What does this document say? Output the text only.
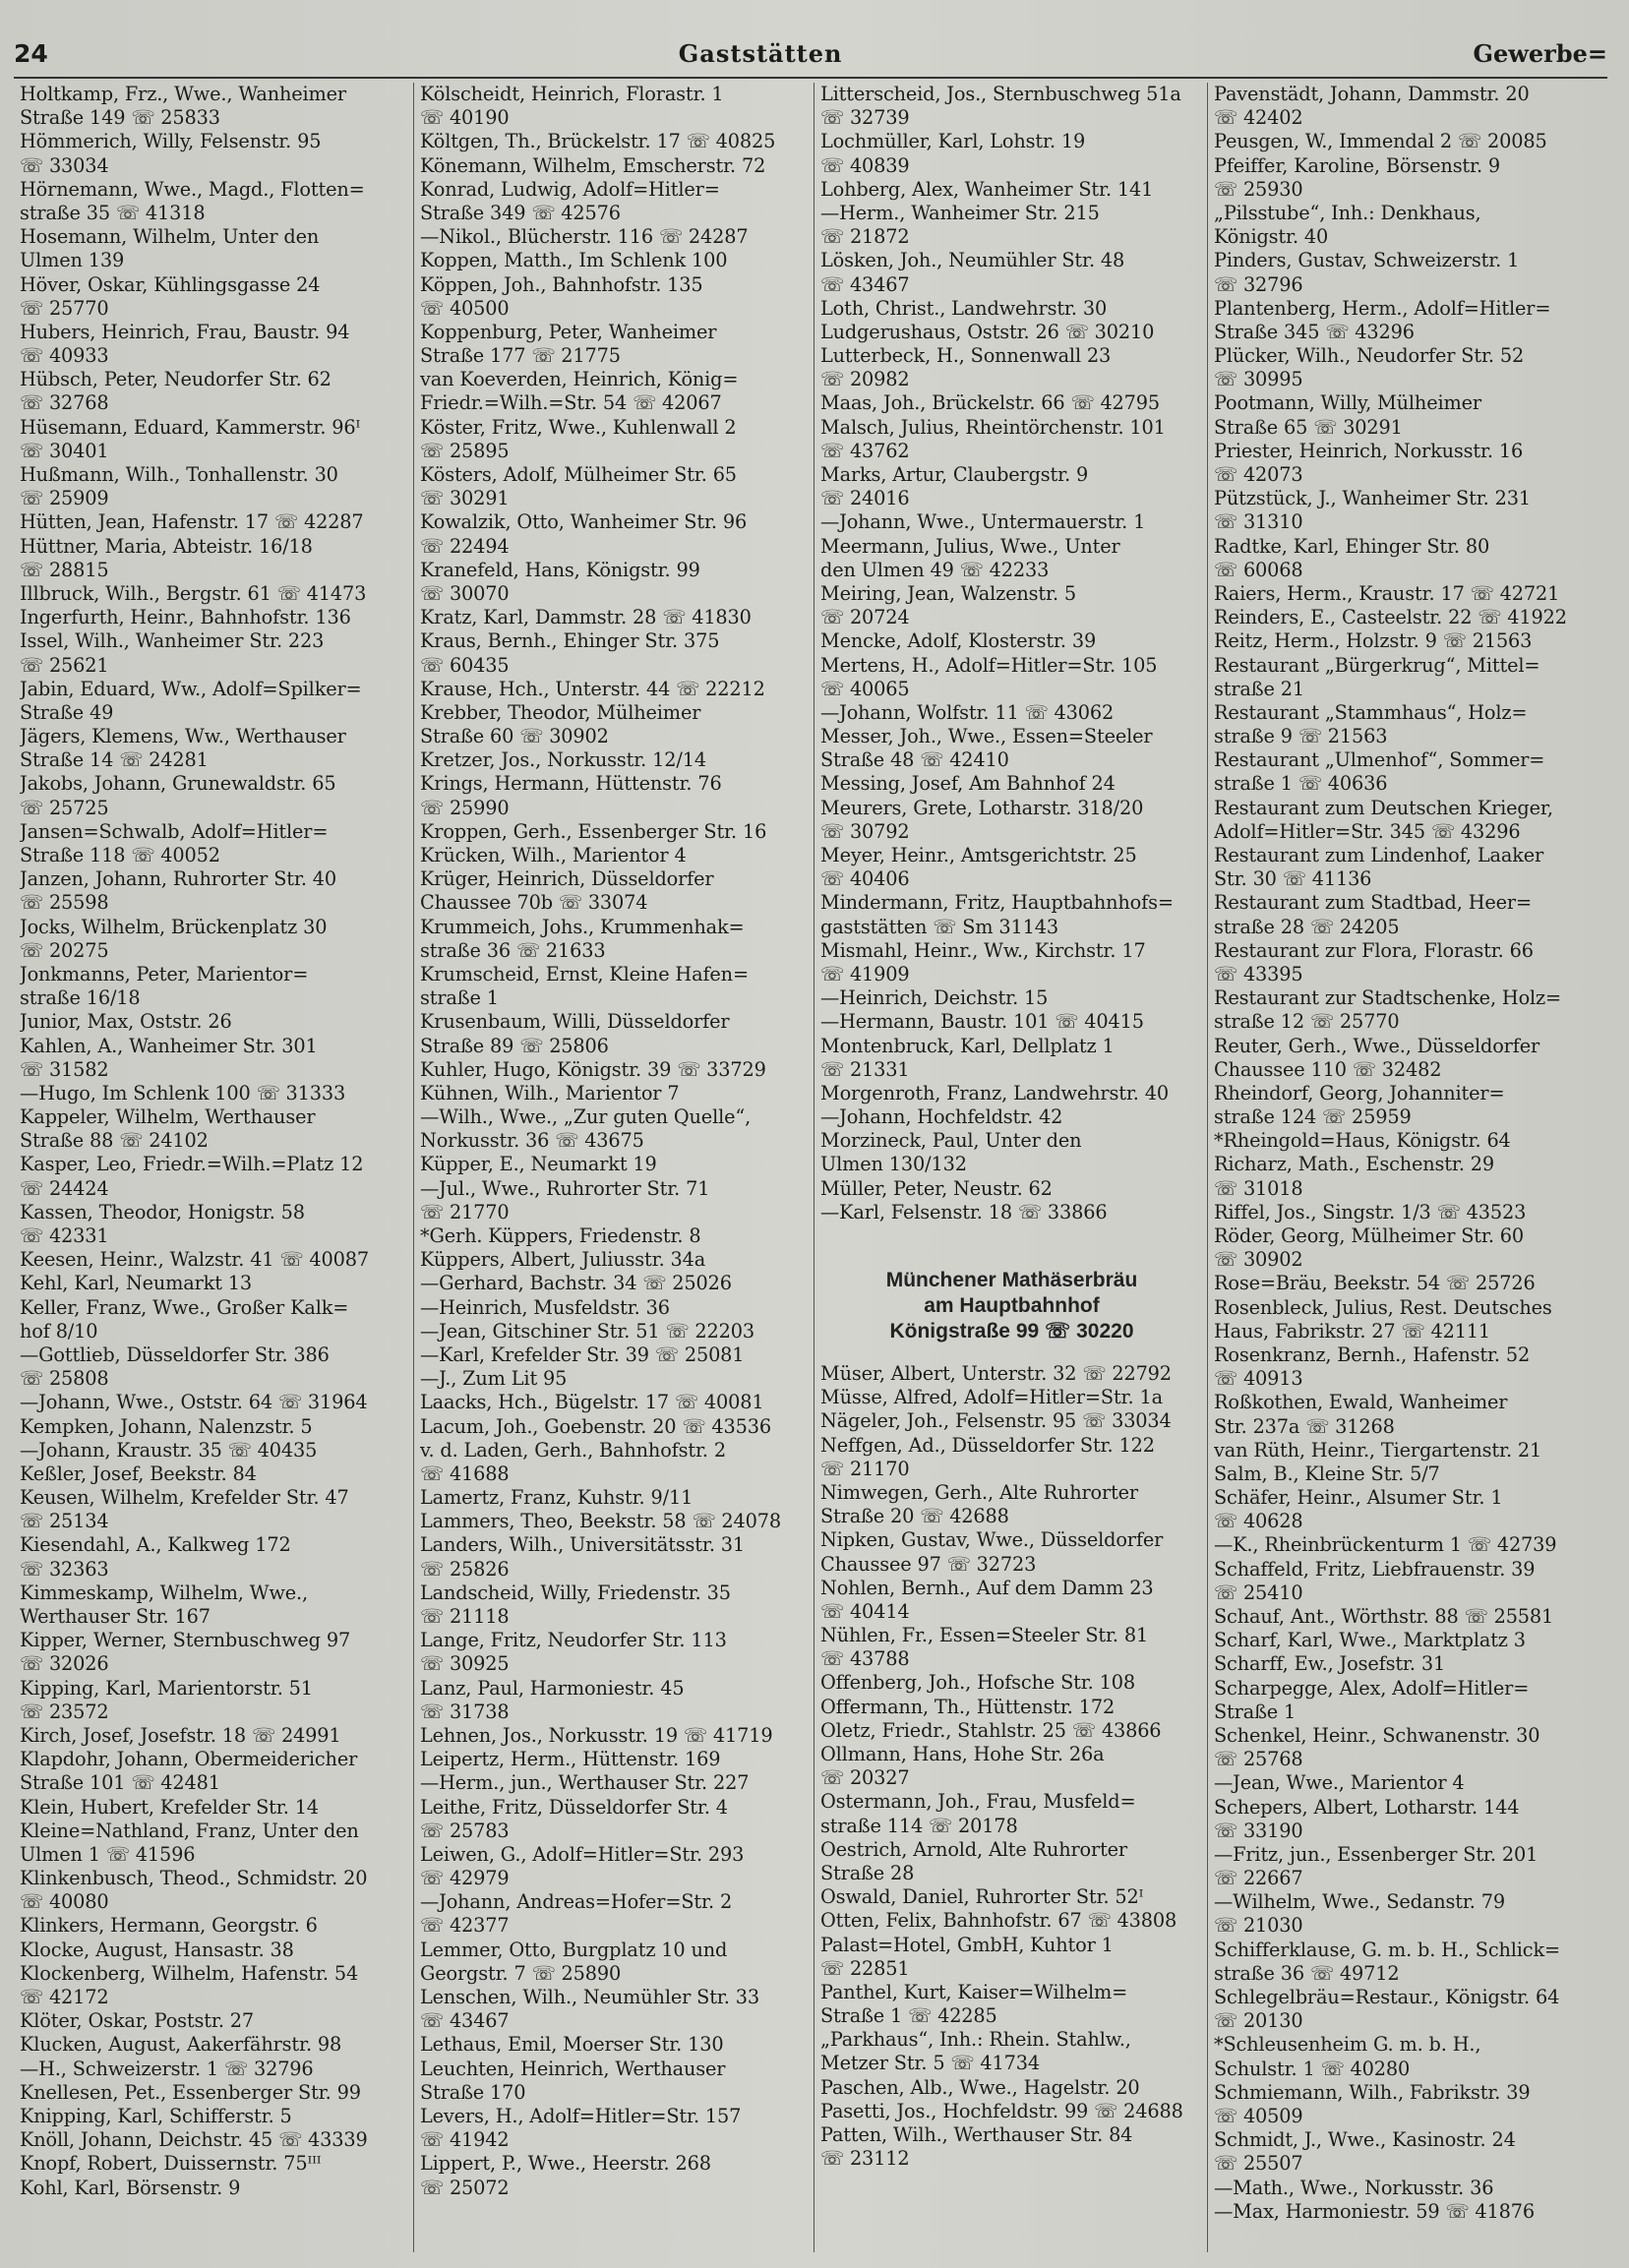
24	Gaststätten	Gewerbe=
Holtkamp, Frz., Wwe., Wanheimer
Straße 149 ☏ 25833
Hömmerich, Willy, Felsenstr. 95
☏ 33034
Hörnemann, Wwe., Magd., Flotten=
straße 35 ☏ 41318
Hosemann, Wilhelm, Unter den
Ulmen 139
Höver, Oskar, Kühlingsgasse 24
☏ 25770
Hubers, Heinrich, Frau, Baustr. 94
☏ 40933
Hübsch, Peter, Neudorfer Str. 62
☏ 32768
Hüsemann, Eduard, Kammerstr. 96ᴵ
☏ 30401
Hußmann, Wilh., Tonhallenstr. 30
☏ 25909
Hütten, Jean, Hafenstr. 17 ☏ 42287
Hüttner, Maria, Abteistr. 16/18
☏ 28815
Illbruck, Wilh., Bergstr. 61 ☏ 41473
Ingerfurth, Heinr., Bahnhofstr. 136
Issel, Wilh., Wanheimer Str. 223
☏ 25621
Jabin, Eduard, Ww., Adolf=Spilker=
Straße 49
Jägers, Klemens, Ww., Werthauser
Straße 14 ☏ 24281
Jakobs, Johann, Grunewaldstr. 65
☏ 25725
Jansen=Schwalb, Adolf=Hitler=
Straße 118 ☏ 40052
Janzen, Johann, Ruhrorter Str. 40
☏ 25598
Jocks, Wilhelm, Brückenplatz 30
☏ 20275
Jonkmanns, Peter, Marientor=
straße 16/18
Junior, Max, Oststr. 26
Kahlen, A., Wanheimer Str. 301
☏ 31582
—Hugo, Im Schlenk 100 ☏ 31333
Kappeler, Wilhelm, Werthauser
Straße 88 ☏ 24102
Kasper, Leo, Friedr.=Wilh.=Platz 12
☏ 24424
Kassen, Theodor, Honigstr. 58
☏ 42331
Keesen, Heinr., Walzstr. 41 ☏ 40087
Kehl, Karl, Neumarkt 13
Keller, Franz, Wwe., Großer Kalk=
hof 8/10
—Gottlieb, Düsseldorfer Str. 386
☏ 25808
—Johann, Wwe., Oststr. 64 ☏ 31964
Kempken, Johann, Nalenzstr. 5
—Johann, Kraustr. 35 ☏ 40435
Keßler, Josef, Beekstr. 84
Keusen, Wilhelm, Krefelder Str. 47
☏ 25134
Kiesendahl, A., Kalkweg 172
☏ 32363
Kimmeskamp, Wilhelm, Wwe.,
Werthauser Str. 167
Kipper, Werner, Sternbuschweg 97
☏ 32026
Kipping, Karl, Marientorstr. 51
☏ 23572
Kirch, Josef, Josefstr. 18 ☏ 24991
Klapdohr, Johann, Obermeidericher
Straße 101 ☏ 42481
Klein, Hubert, Krefelder Str. 14
Kleine=Nathland, Franz, Unter den
Ulmen 1 ☏ 41596
Klinkenbusch, Theod., Schmidstr. 20
☏ 40080
Klinkers, Hermann, Georgstr. 6
Klocke, August, Hansastr. 38
Klockenberg, Wilhelm, Hafenstr. 54
☏ 42172
Klöter, Oskar, Poststr. 27
Klucken, August, Aakerfährstr. 98
—H., Schweizerstr. 1 ☏ 32796
Knellesen, Pet., Essenberger Str. 99
Knipping, Karl, Schifferstr. 5
Knöll, Johann, Deichstr. 45 ☏ 43339
Knopf, Robert, Duissernstr. 75ᴵᴵᴵ
Kohl, Karl, Börsenstr. 9
Kölscheidt, Heinrich, Florastr. 1
☏ 40190
Költgen, Th., Brückelstr. 17 ☏ 40825
Könemann, Wilhelm, Emscherstr. 72
Konrad, Ludwig, Adolf=Hitler=
Straße 349 ☏ 42576
—Nikol., Blücherstr. 116 ☏ 24287
Koppen, Matth., Im Schlenk 100
Köppen, Joh., Bahnhofstr. 135
☏ 40500
Koppenburg, Peter, Wanheimer
Straße 177 ☏ 21775
van Koeverden, Heinrich, König=
Friedr.=Wilh.=Str. 54 ☏ 42067
Köster, Fritz, Wwe., Kuhlenwall 2
☏ 25895
Kösters, Adolf, Mülheimer Str. 65
☏ 30291
Kowalzik, Otto, Wanheimer Str. 96
☏ 22494
Kranefeld, Hans, Königstr. 99
☏ 30070
Kratz, Karl, Dammstr. 28 ☏ 41830
Kraus, Bernh., Ehinger Str. 375
☏ 60435
Krause, Hch., Unterstr. 44 ☏ 22212
Krebber, Theodor, Mülheimer
Straße 60 ☏ 30902
Kretzer, Jos., Norkusstr. 12/14
Krings, Hermann, Hüttenstr. 76
☏ 25990
Kroppen, Gerh., Essenberger Str. 16
Krücken, Wilh., Marientor 4
Krüger, Heinrich, Düsseldorfer
Chaussee 70b ☏ 33074
Krummeich, Johs., Krummenhak=
straße 36 ☏ 21633
Krumscheid, Ernst, Kleine Hafen=
straße 1
Krusenbaum, Willi, Düsseldorfer
Straße 89 ☏ 25806
Kuhler, Hugo, Königstr. 39 ☏ 33729
Kühnen, Wilh., Marientor 7
—Wilh., Wwe., „Zur guten Quelle“,
Norkusstr. 36 ☏ 43675
Küpper, E., Neumarkt 19
—Jul., Wwe., Ruhrorter Str. 71
☏ 21770
*Gerh. Küppers, Friedenstr. 8
Küppers, Albert, Juliusstr. 34a
—Gerhard, Bachstr. 34 ☏ 25026
—Heinrich, Musfeldstr. 36
—Jean, Gitschiner Str. 51 ☏ 22203
—Karl, Krefelder Str. 39 ☏ 25081
—J., Zum Lit 95
Laacks, Hch., Bügelstr. 17 ☏ 40081
Lacum, Joh., Goebenstr. 20 ☏ 43536
v. d. Laden, Gerh., Bahnhofstr. 2
☏ 41688
Lamertz, Franz, Kuhstr. 9/11
Lammers, Theo, Beekstr. 58 ☏ 24078
Landers, Wilh., Universitätsstr. 31
☏ 25826
Landscheid, Willy, Friedenstr. 35
☏ 21118
Lange, Fritz, Neudorfer Str. 113
☏ 30925
Lanz, Paul, Harmoniestr. 45
☏ 31738
Lehnen, Jos., Norkusstr. 19 ☏ 41719
Leipertz, Herm., Hüttenstr. 169
—Herm., jun., Werthauser Str. 227
Leithe, Fritz, Düsseldorfer Str. 4
☏ 25783
Leiwen, G., Adolf=Hitler=Str. 293
☏ 42979
—Johann, Andreas=Hofer=Str. 2
☏ 42377
Lemmer, Otto, Burgplatz 10 und
Georgstr. 7 ☏ 25890
Lenschen, Wilh., Neumühler Str. 33
☏ 43467
Lethaus, Emil, Moerser Str. 130
Leuchten, Heinrich, Werthauser
Straße 170
Levers, H., Adolf=Hitler=Str. 157
☏ 41942
Lippert, P., Wwe., Heerstr. 268
☏ 25072
Litterscheid, Jos., Sternbuschweg 51a
☏ 32739
Lochmüller, Karl, Lohstr. 19
☏ 40839
Lohberg, Alex, Wanheimer Str. 141
—Herm., Wanheimer Str. 215
☏ 21872
Lösken, Joh., Neumühler Str. 48
☏ 43467
Loth, Christ., Landwehrstr. 30
Ludgerushaus, Oststr. 26 ☏ 30210
Lutterbeck, H., Sonnenwall 23
☏ 20982
Maas, Joh., Brückelstr. 66 ☏ 42795
Malsch, Julius, Rheintörchenstr. 101
☏ 43762
Marks, Artur, Claubergstr. 9
☏ 24016
—Johann, Wwe., Untermauerstr. 1
Meermann, Julius, Wwe., Unter
den Ulmen 49 ☏ 42233
Meiring, Jean, Walzenstr. 5
☏ 20724
Mencke, Adolf, Klosterstr. 39
Mertens, H., Adolf=Hitler=Str. 105
☏ 40065
—Johann, Wolfstr. 11 ☏ 43062
Messer, Joh., Wwe., Essen=Steeler
Straße 48 ☏ 42410
Messing, Josef, Am Bahnhof 24
Meurers, Grete, Lotharstr. 318/20
☏ 30792
Meyer, Heinr., Amtsgerichtstr. 25
☏ 40406
Mindermann, Fritz, Hauptbahnhofs=
gaststätten ☏ Sm 31143
Mismahl, Heinr., Ww., Kirchstr. 17
☏ 41909
—Heinrich, Deichstr. 15
—Hermann, Baustr. 101 ☏ 40415
Montenbruck, Karl, Dellplatz 1
☏ 21331
Morgenroth, Franz, Landwehrstr. 40
—Johann, Hochfeldstr. 42
Morzineck, Paul, Unter den
Ulmen 130/132
Müller, Peter, Neustr. 62
—Karl, Felsenstr. 18 ☏ 33866
Münchener Mathäserbräu
am Hauptbahnhof
Königstraße 99 ☏ 30220
Müser, Albert, Unterstr. 32 ☏ 22792
Müsse, Alfred, Adolf=Hitler=Str. 1a
Nägeler, Joh., Felsenstr. 95 ☏ 33034
Neffgen, Ad., Düsseldorfer Str. 122
☏ 21170
Nimwegen, Gerh., Alte Ruhrorter
Straße 20 ☏ 42688
Nipken, Gustav, Wwe., Düsseldorfer
Chaussee 97 ☏ 32723
Nohlen, Bernh., Auf dem Damm 23
☏ 40414
Nühlen, Fr., Essen=Steeler Str. 81
☏ 43788
Offenberg, Joh., Hofsche Str. 108
Offermann, Th., Hüttenstr. 172
Oletz, Friedr., Stahlstr. 25 ☏ 43866
Ollmann, Hans, Hohe Str. 26a
☏ 20327
Ostermann, Joh., Frau, Musfeld=
straße 114 ☏ 20178
Oestrich, Arnold, Alte Ruhrorter
Straße 28
Oswald, Daniel, Ruhrorter Str. 52ᴵ
Otten, Felix, Bahnhofstr. 67 ☏ 43808
Palast=Hotel, GmbH, Kuhtor 1
☏ 22851
Panthel, Kurt, Kaiser=Wilhelm=
Straße 1 ☏ 42285
„Parkhaus“, Inh.: Rhein. Stahlw.,
Metzer Str. 5 ☏ 41734
Paschen, Alb., Wwe., Hagelstr. 20
Pasetti, Jos., Hochfeldstr. 99 ☏ 24688
Patten, Wilh., Werthauser Str. 84
☏ 23112
Pavenstädt, Johann, Dammstr. 20
☏ 42402
Peusgen, W., Immendal 2 ☏ 20085
Pfeiffer, Karoline, Börsenstr. 9
☏ 25930
„Pilsstube“, Inh.: Denkhaus,
Königstr. 40
Pinders, Gustav, Schweizerstr. 1
☏ 32796
Plantenberg, Herm., Adolf=Hitler=
Straße 345 ☏ 43296
Plücker, Wilh., Neudorfer Str. 52
☏ 30995
Pootmann, Willy, Mülheimer
Straße 65 ☏ 30291
Priester, Heinrich, Norkusstr. 16
☏ 42073
Pützstück, J., Wanheimer Str. 231
☏ 31310
Radtke, Karl, Ehinger Str. 80
☏ 60068
Raiers, Herm., Kraustr. 17 ☏ 42721
Reinders, E., Casteelstr. 22 ☏ 41922
Reitz, Herm., Holzstr. 9 ☏ 21563
Restaurant „Bürgerkrug“, Mittel=
straße 21
Restaurant „Stammhaus“, Holz=
straße 9 ☏ 21563
Restaurant „Ulmenhof“, Sommer=
straße 1 ☏ 40636
Restaurant zum Deutschen Krieger,
Adolf=Hitler=Str. 345 ☏ 43296
Restaurant zum Lindenhof, Laaker
Str. 30 ☏ 41136
Restaurant zum Stadtbad, Heer=
straße 28 ☏ 24205
Restaurant zur Flora, Florastr. 66
☏ 43395
Restaurant zur Stadtschenke, Holz=
straße 12 ☏ 25770
Reuter, Gerh., Wwe., Düsseldorfer
Chaussee 110 ☏ 32482
Rheindorf, Georg, Johanniter=
straße 124 ☏ 25959
*Rheingold=Haus, Königstr. 64
Richarz, Math., Eschenstr. 29
☏ 31018
Riffel, Jos., Singstr. 1/3 ☏ 43523
Röder, Georg, Mülheimer Str. 60
☏ 30902
Rose=Bräu, Beekstr. 54 ☏ 25726
Rosenbleck, Julius, Rest. Deutsches
Haus, Fabrikstr. 27 ☏ 42111
Rosenkranz, Bernh., Hafenstr. 52
☏ 40913
Roßkothen, Ewald, Wanheimer
Str. 237a ☏ 31268
van Rüth, Heinr., Tiergartenstr. 21
Salm, B., Kleine Str. 5/7
Schäfer, Heinr., Alsumer Str. 1
☏ 40628
—K., Rheinbrückenturm 1 ☏ 42739
Schaffeld, Fritz, Liebfrauenstr. 39
☏ 25410
Schauf, Ant., Wörthstr. 88 ☏ 25581
Scharf, Karl, Wwe., Marktplatz 3
Scharff, Ew., Josefstr. 31
Scharpegge, Alex, Adolf=Hitler=
Straße 1
Schenkel, Heinr., Schwanenstr. 30
☏ 25768
—Jean, Wwe., Marientor 4
Schepers, Albert, Lotharstr. 144
☏ 33190
—Fritz, jun., Essenberger Str. 201
☏ 22667
—Wilhelm, Wwe., Sedanstr. 79
☏ 21030
Schifferklause, G. m. b. H., Schlick=
straße 36 ☏ 49712
Schlegelbräu=Restaur., Königstr. 64
☏ 20130
*Schleusenheim G. m. b. H.,
Schulstr. 1 ☏ 40280
Schmiemann, Wilh., Fabrikstr. 39
☏ 40509
Schmidt, J., Wwe., Kasinostr. 24
☏ 25507
—Math., Wwe., Norkusstr. 36
—Max, Harmoniestr. 59 ☏ 41876
